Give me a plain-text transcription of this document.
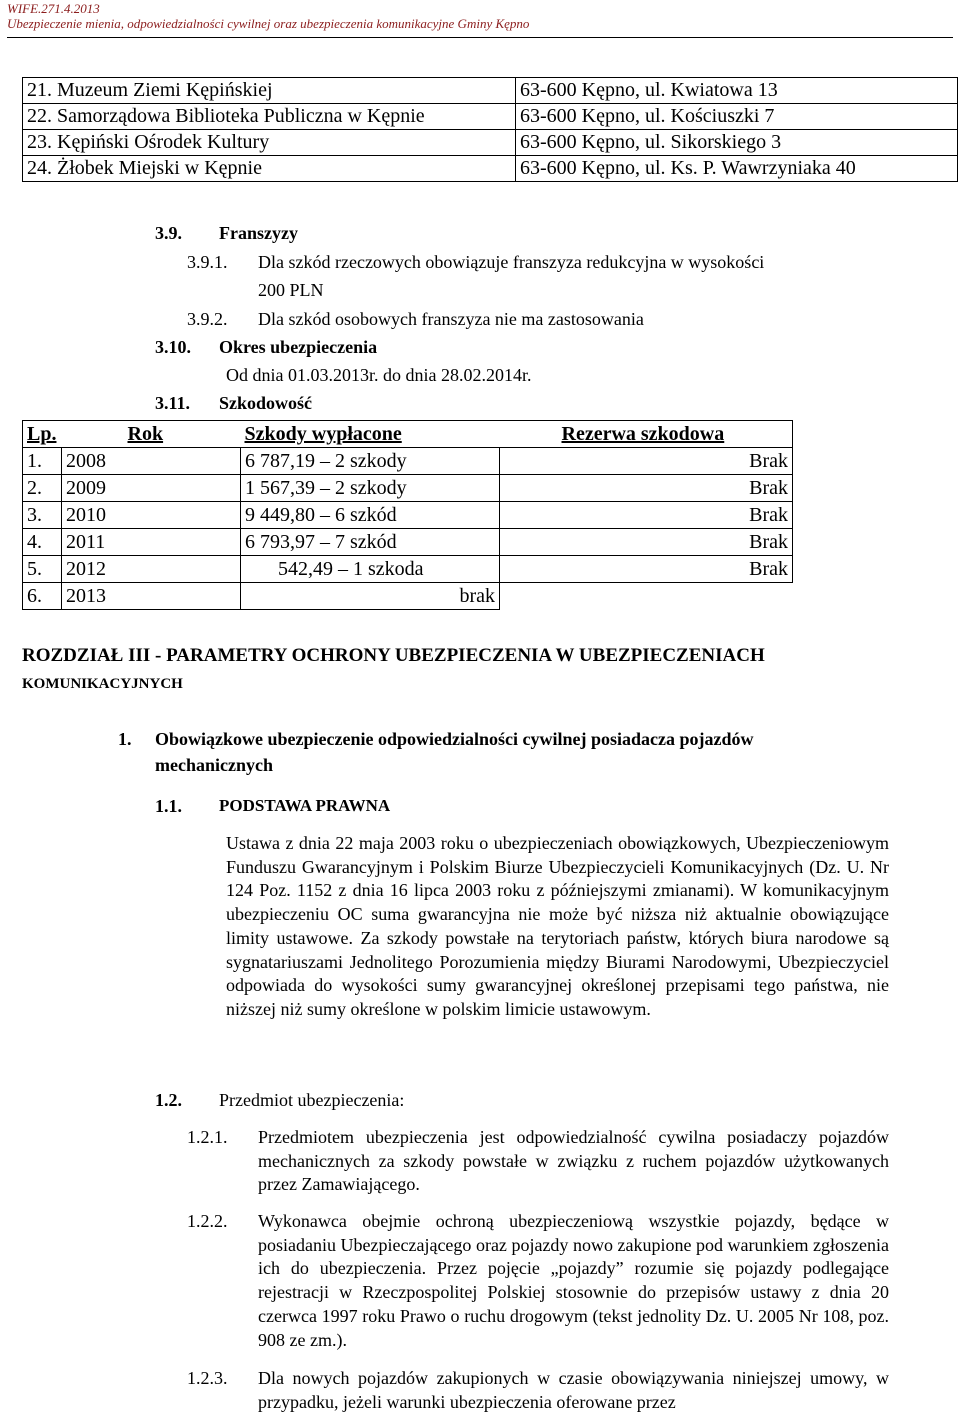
WIFE.271.4.2013
Ubezpieczenie mienia, odpowiedzialności cywilnej oraz ubezpieczenia komunikacyjne Gminy Kępno
21. Muzeum Ziemi Kępińskiej	63-600 Kępno, ul. Kwiatowa 13
22. Samorządowa Biblioteka Publiczna w Kępnie	63-600 Kępno, ul. Kościuszki 7
23. Kępiński Ośrodek Kultury	63-600 Kępno, ul. Sikorskiego 3
24. Żłobek Miejski w Kępnie	63-600 Kępno, ul. Ks. P. Wawrzyniaka 40
3.9. Franszyzy
3.9.1. Dla szkód rzeczowych obowiązuje franszyza redukcyjna w wysokości
200 PLN
3.9.2. Dla szkód osobowych franszyza nie ma zastosowania
3.10. Okres ubezpieczenia
Od dnia 01.03.2013r. do dnia 28.02.2014r.
3.11. Szkodowość
Lp.	Rok	Szkody wypłacone	Rezerwa szkodowa
1.	2008	6 787,19 – 2 szkody	Brak
2.	2009	1 567,39 – 2 szkody	Brak
3.	2010	9 449,80 – 6 szkód	Brak
4.	2011	6 793,97 – 7 szkód	Brak
5.	2012	542,49 – 1 szkoda	Brak
6.	2013	brak	
ROZDZIAŁ III - PARAMETRY OCHRONY UBEZPIECZENIA W UBEZPIECZENIACH
KOMUNIKACYJNYCH
1. Obowiązkowe ubezpieczenie odpowiedzialności cywilnej posiadacza pojazdów
mechanicznych
1.1. PODSTAWA PRAWNA
Ustawa z dnia 22 maja 2003 roku o ubezpieczeniach obowiązkowych, Ubezpieczeniowym Funduszu Gwarancyjnym i Polskim Biurze Ubezpieczycieli Komunikacyjnych (Dz. U. Nr 124 Poz. 1152 z dnia 16 lipca 2003 roku z późniejszymi zmianami). W komunikacyjnym ubezpieczeniu OC suma gwarancyjna nie może być niższa niż aktualnie obowiązujące limity ustawowe. Za szkody powstałe na terytoriach państw, których biura narodowe są sygnatariuszami Jednolitego Porozumienia między Biurami Narodowymi, Ubezpieczyciel odpowiada do wysokości sumy gwarancyjnej określonej przepisami tego państwa, nie niższej niż sumy określone w polskim limicie ustawowym.
1.2. Przedmiot ubezpieczenia:
1.2.1. Przedmiotem ubezpieczenia jest odpowiedzialność cywilna posiadaczy pojazdów mechanicznych za szkody powstałe w związku z ruchem pojazdów użytkowanych przez Zamawiającego.
1.2.2. Wykonawca obejmie ochroną ubezpieczeniową wszystkie pojazdy, będące w posiadaniu Ubezpieczającego oraz pojazdy nowo zakupione pod warunkiem zgłoszenia ich do ubezpieczenia. Przez pojęcie „pojazdy” rozumie się pojazdy podlegające rejestracji w Rzeczpospolitej Polskiej stosownie do przepisów ustawy z dnia 20 czerwca 1997 roku Prawo o ruchu drogowym (tekst jednolity Dz. U. 2005 Nr 108, poz. 908 ze zm.).
1.2.3. Dla nowych pojazdów zakupionych w czasie obowiązywania niniejszej umowy, w przypadku, jeżeli warunki ubezpieczenia oferowane przez
